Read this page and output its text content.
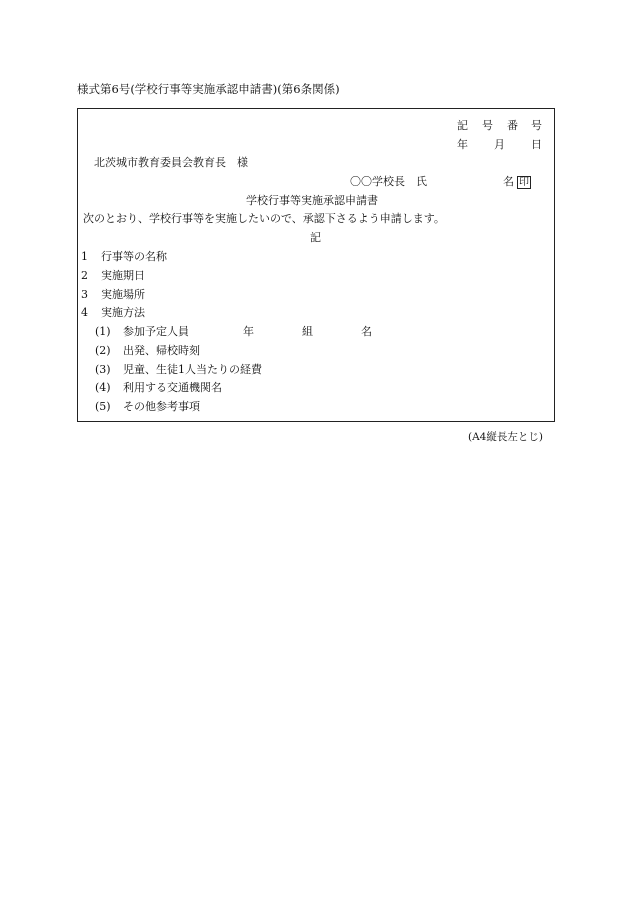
様式第6号(学校行事等実施承認申請書)(第6条関係)
記 号 番 号
年 月 日
北茨城市教育委員会教育長　様
〇〇学校長　氏	名 印
学校行事等実施承認申請書
次のとおり、学校行事等を実施したいので、承認下さるよう申請します。
記
1 行事等の名称
2 実施期日
3 実施場所
4 実施方法
(1) 参加予定人員	年	組	名
(2) 出発、帰校時刻
(3) 児童、生徒1人当たりの経費
(4) 利用する交通機関名
(5) その他参考事項
(A4縦長左とじ)
